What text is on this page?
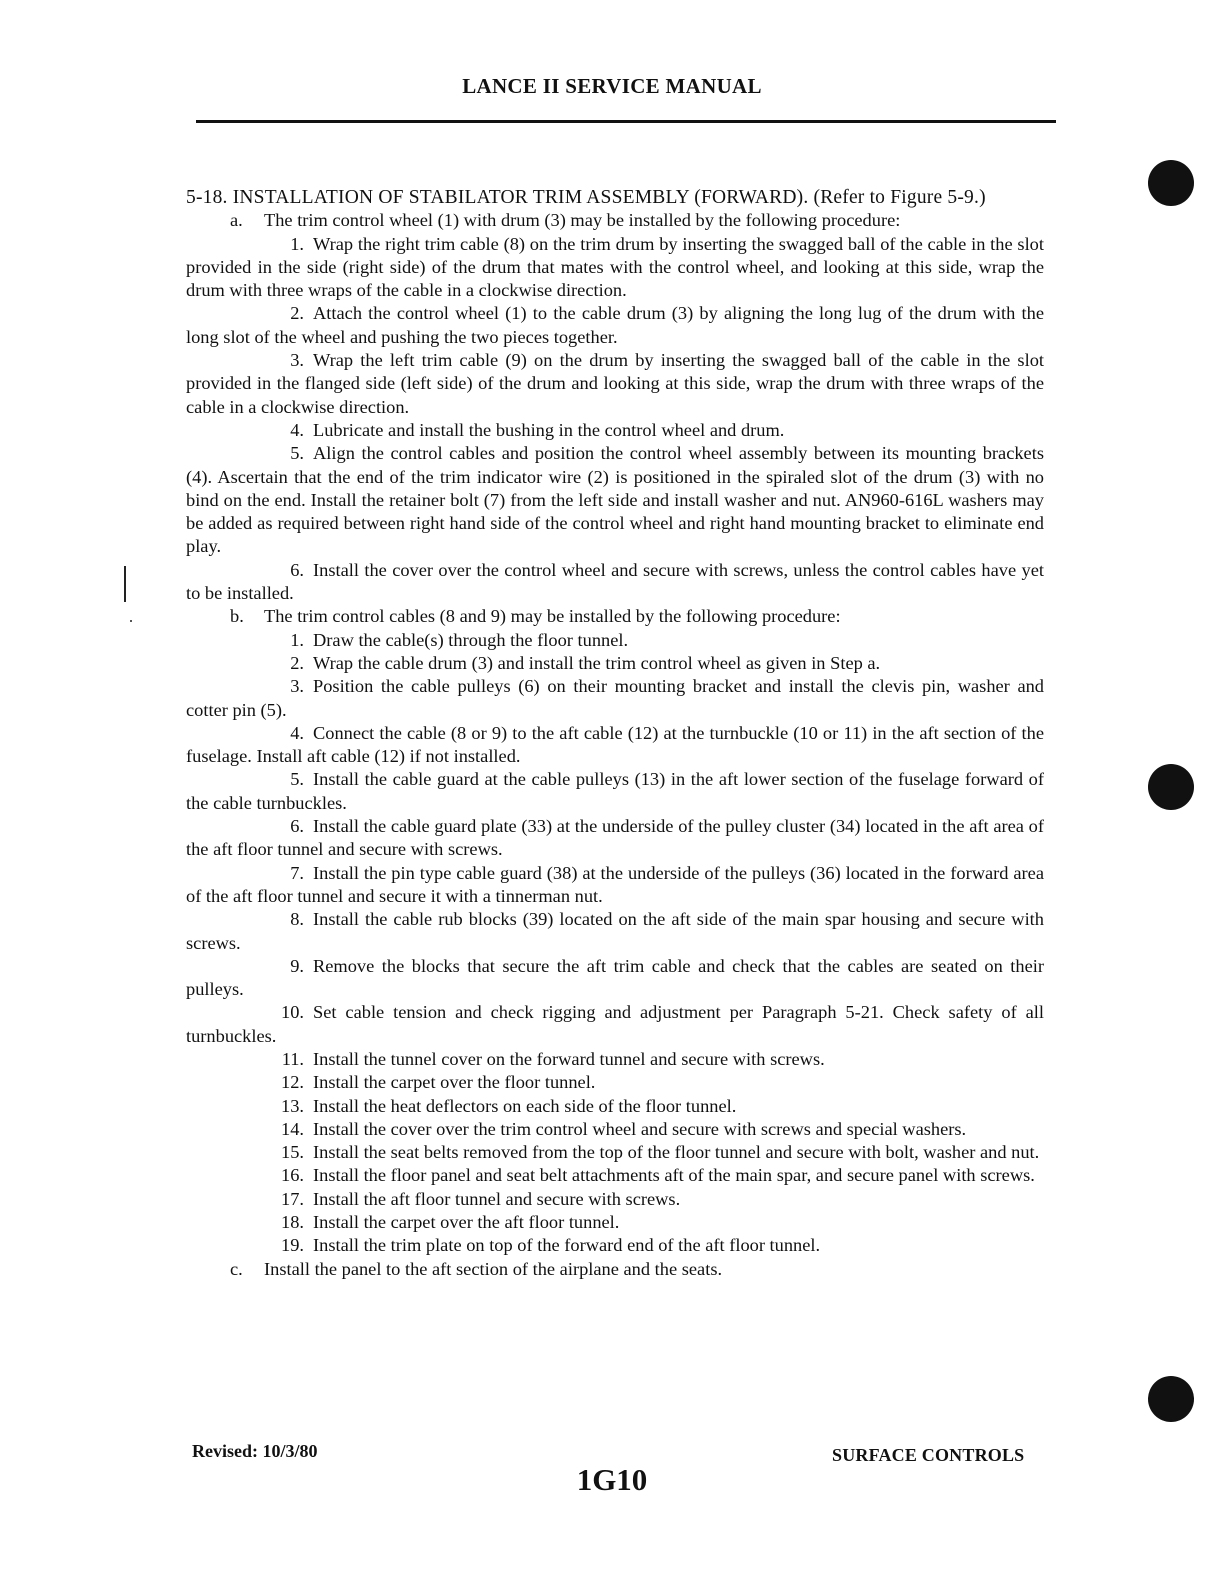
LANCE II SERVICE MANUAL

5-18. INSTALLATION OF STABILATOR TRIM ASSEMBLY (FORWARD). (Refer to Figure 5-9.)

a. The trim control wheel (1) with drum (3) may be installed by the following procedure:

1. Wrap the right trim cable (8) on the trim drum by inserting the swagged ball of the cable in the slot provided in the side (right side) of the drum that mates with the control wheel, and looking at this side, wrap the drum with three wraps of the cable in a clockwise direction.

2. Attach the control wheel (1) to the cable drum (3) by aligning the long lug of the drum with the long slot of the wheel and pushing the two pieces together.

3. Wrap the left trim cable (9) on the drum by inserting the swagged ball of the cable in the slot provided in the flanged side (left side) of the drum and looking at this side, wrap the drum with three wraps of the cable in a clockwise direction.

4. Lubricate and install the bushing in the control wheel and drum.

5. Align the control cables and position the control wheel assembly between its mounting brackets (4). Ascertain that the end of the trim indicator wire (2) is positioned in the spiraled slot of the drum (3) with no bind on the end. Install the retainer bolt (7) from the left side and install washer and nut. AN960-616L washers may be added as required between right hand side of the control wheel and right hand mounting bracket to eliminate end play.

6. Install the cover over the control wheel and secure with screws, unless the control cables have yet to be installed.

b. The trim control cables (8 and 9) may be installed by the following procedure:

1. Draw the cable(s) through the floor tunnel.

2. Wrap the cable drum (3) and install the trim control wheel as given in Step a.

3. Position the cable pulleys (6) on their mounting bracket and install the clevis pin, washer and cotter pin (5).

4. Connect the cable (8 or 9) to the aft cable (12) at the turnbuckle (10 or 11) in the aft section of the fuselage. Install aft cable (12) if not installed.

5. Install the cable guard at the cable pulleys (13) in the aft lower section of the fuselage forward of the cable turnbuckles.

6. Install the cable guard plate (33) at the underside of the pulley cluster (34) located in the aft area of the aft floor tunnel and secure with screws.

7. Install the pin type cable guard (38) at the underside of the pulleys (36) located in the forward area of the aft floor tunnel and secure it with a tinnerman nut.

8. Install the cable rub blocks (39) located on the aft side of the main spar housing and secure with screws.

9. Remove the blocks that secure the aft trim cable and check that the cables are seated on their pulleys.

10. Set cable tension and check rigging and adjustment per Paragraph 5-21. Check safety of all turnbuckles.

11. Install the tunnel cover on the forward tunnel and secure with screws.

12. Install the carpet over the floor tunnel.

13. Install the heat deflectors on each side of the floor tunnel.

14. Install the cover over the trim control wheel and secure with screws and special washers.

15. Install the seat belts removed from the top of the floor tunnel and secure with bolt, washer and nut.

16. Install the floor panel and seat belt attachments aft of the main spar, and secure panel with screws.

17. Install the aft floor tunnel and secure with screws.

18. Install the carpet over the aft floor tunnel.

19. Install the trim plate on top of the forward end of the aft floor tunnel.

c. Install the panel to the aft section of the airplane and the seats.

Revised: 10/3/80	SURFACE CONTROLS
1G10
